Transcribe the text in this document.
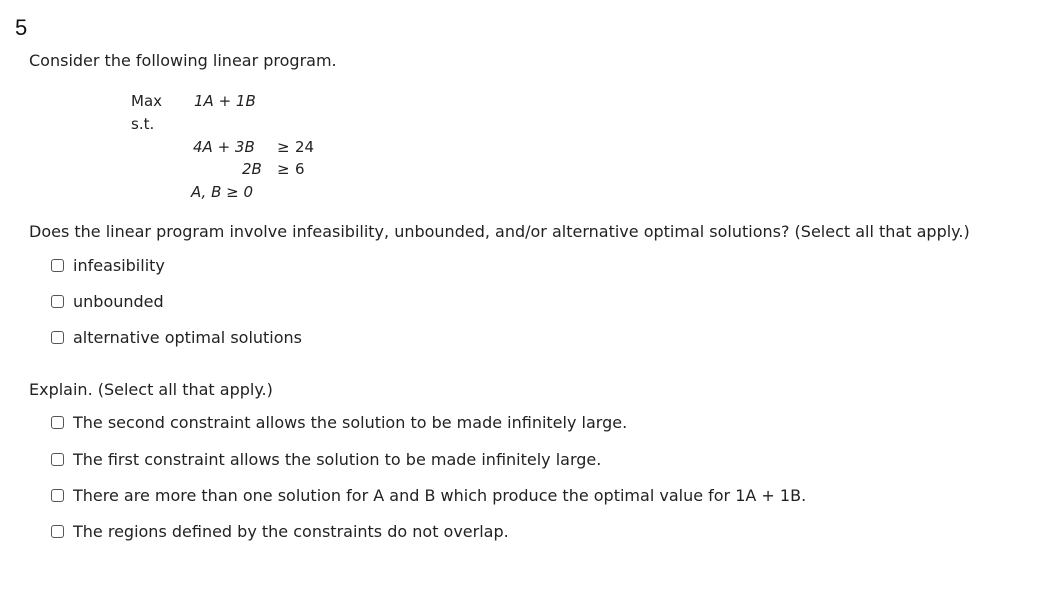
5
Consider the following linear program.
Max 1A + 1B
s.t.
4A + 3B ≥ 24
2B ≥ 6
A, B ≥ 0
Does the linear program involve infeasibility, unbounded, and/or alternative optimal solutions? (Select all that apply.)
infeasibility
unbounded
alternative optimal solutions
Explain. (Select all that apply.)
The second constraint allows the solution to be made infinitely large.
The first constraint allows the solution to be made infinitely large.
There are more than one solution for A and B which produce the optimal value for 1A + 1B.
The regions defined by the constraints do not overlap.
